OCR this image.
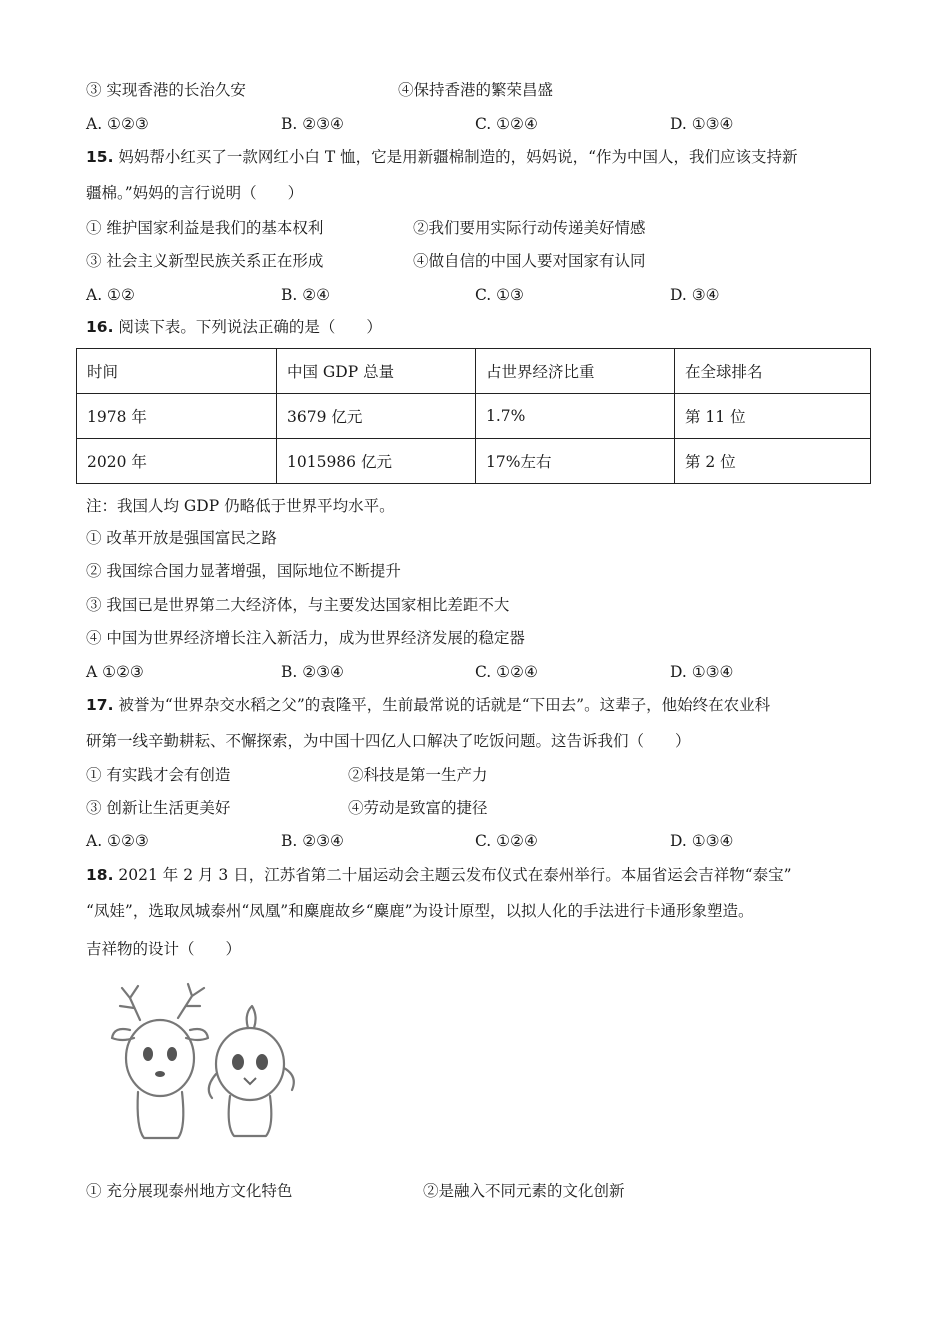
③ 实现香港的长治久安	④保持香港的繁荣昌盛
A. ①②③	B. ②③④	C. ①②④	D. ①③④
15. 妈妈帮小红买了一款网红小白 T 恤，它是用新疆棉制造的，妈妈说，“作为中国人，我们应该支持新
疆棉。”妈妈的言行说明（　　）
① 维护国家利益是我们的基本权利	②我们要用实际行动传递美好情感
③ 社会主义新型民族关系正在形成	④做自信的中国人要对国家有认同
A. ①②	B. ②④	C. ①③	D. ③④
16. 阅读下表。下列说法正确的是（　　）
时间	中国 GDP 总量	占世界经济比重	在全球排名
1978 年	3679 亿元	1.7%	第 11 位
2020 年	1015986 亿元	17%左右	第 2 位
注：我国人均 GDP 仍略低于世界平均水平。
① 改革开放是强国富民之路
② 我国综合国力显著增强，国际地位不断提升
③ 我国已是世界第二大经济体，与主要发达国家相比差距不大
④ 中国为世界经济增长注入新活力，成为世界经济发展的稳定器
A ①②③	B. ②③④	C. ①②④	D. ①③④
17. 被誉为“世界杂交水稻之父”的袁隆平，生前最常说的话就是“下田去”。这辈子，他始终在农业科
研第一线辛勤耕耘、不懈探索，为中国十四亿人口解决了吃饭问题。这告诉我们（　　）
① 有实践才会有创造	②科技是第一生产力
③ 创新让生活更美好	④劳动是致富的捷径
A. ①②③	B. ②③④	C. ①②④	D. ①③④
18. 2021 年 2 月 3 日，江苏省第二十届运动会主题云发布仪式在泰州举行。本届省运会吉祥物“泰宝”
“凤娃”，选取凤城泰州“凤凰”和麋鹿故乡“麋鹿”为设计原型，以拟人化的手法进行卡通形象塑造。
吉祥物的设计（　　）
① 充分展现泰州地方文化特色	②是融入不同元素的文化创新
